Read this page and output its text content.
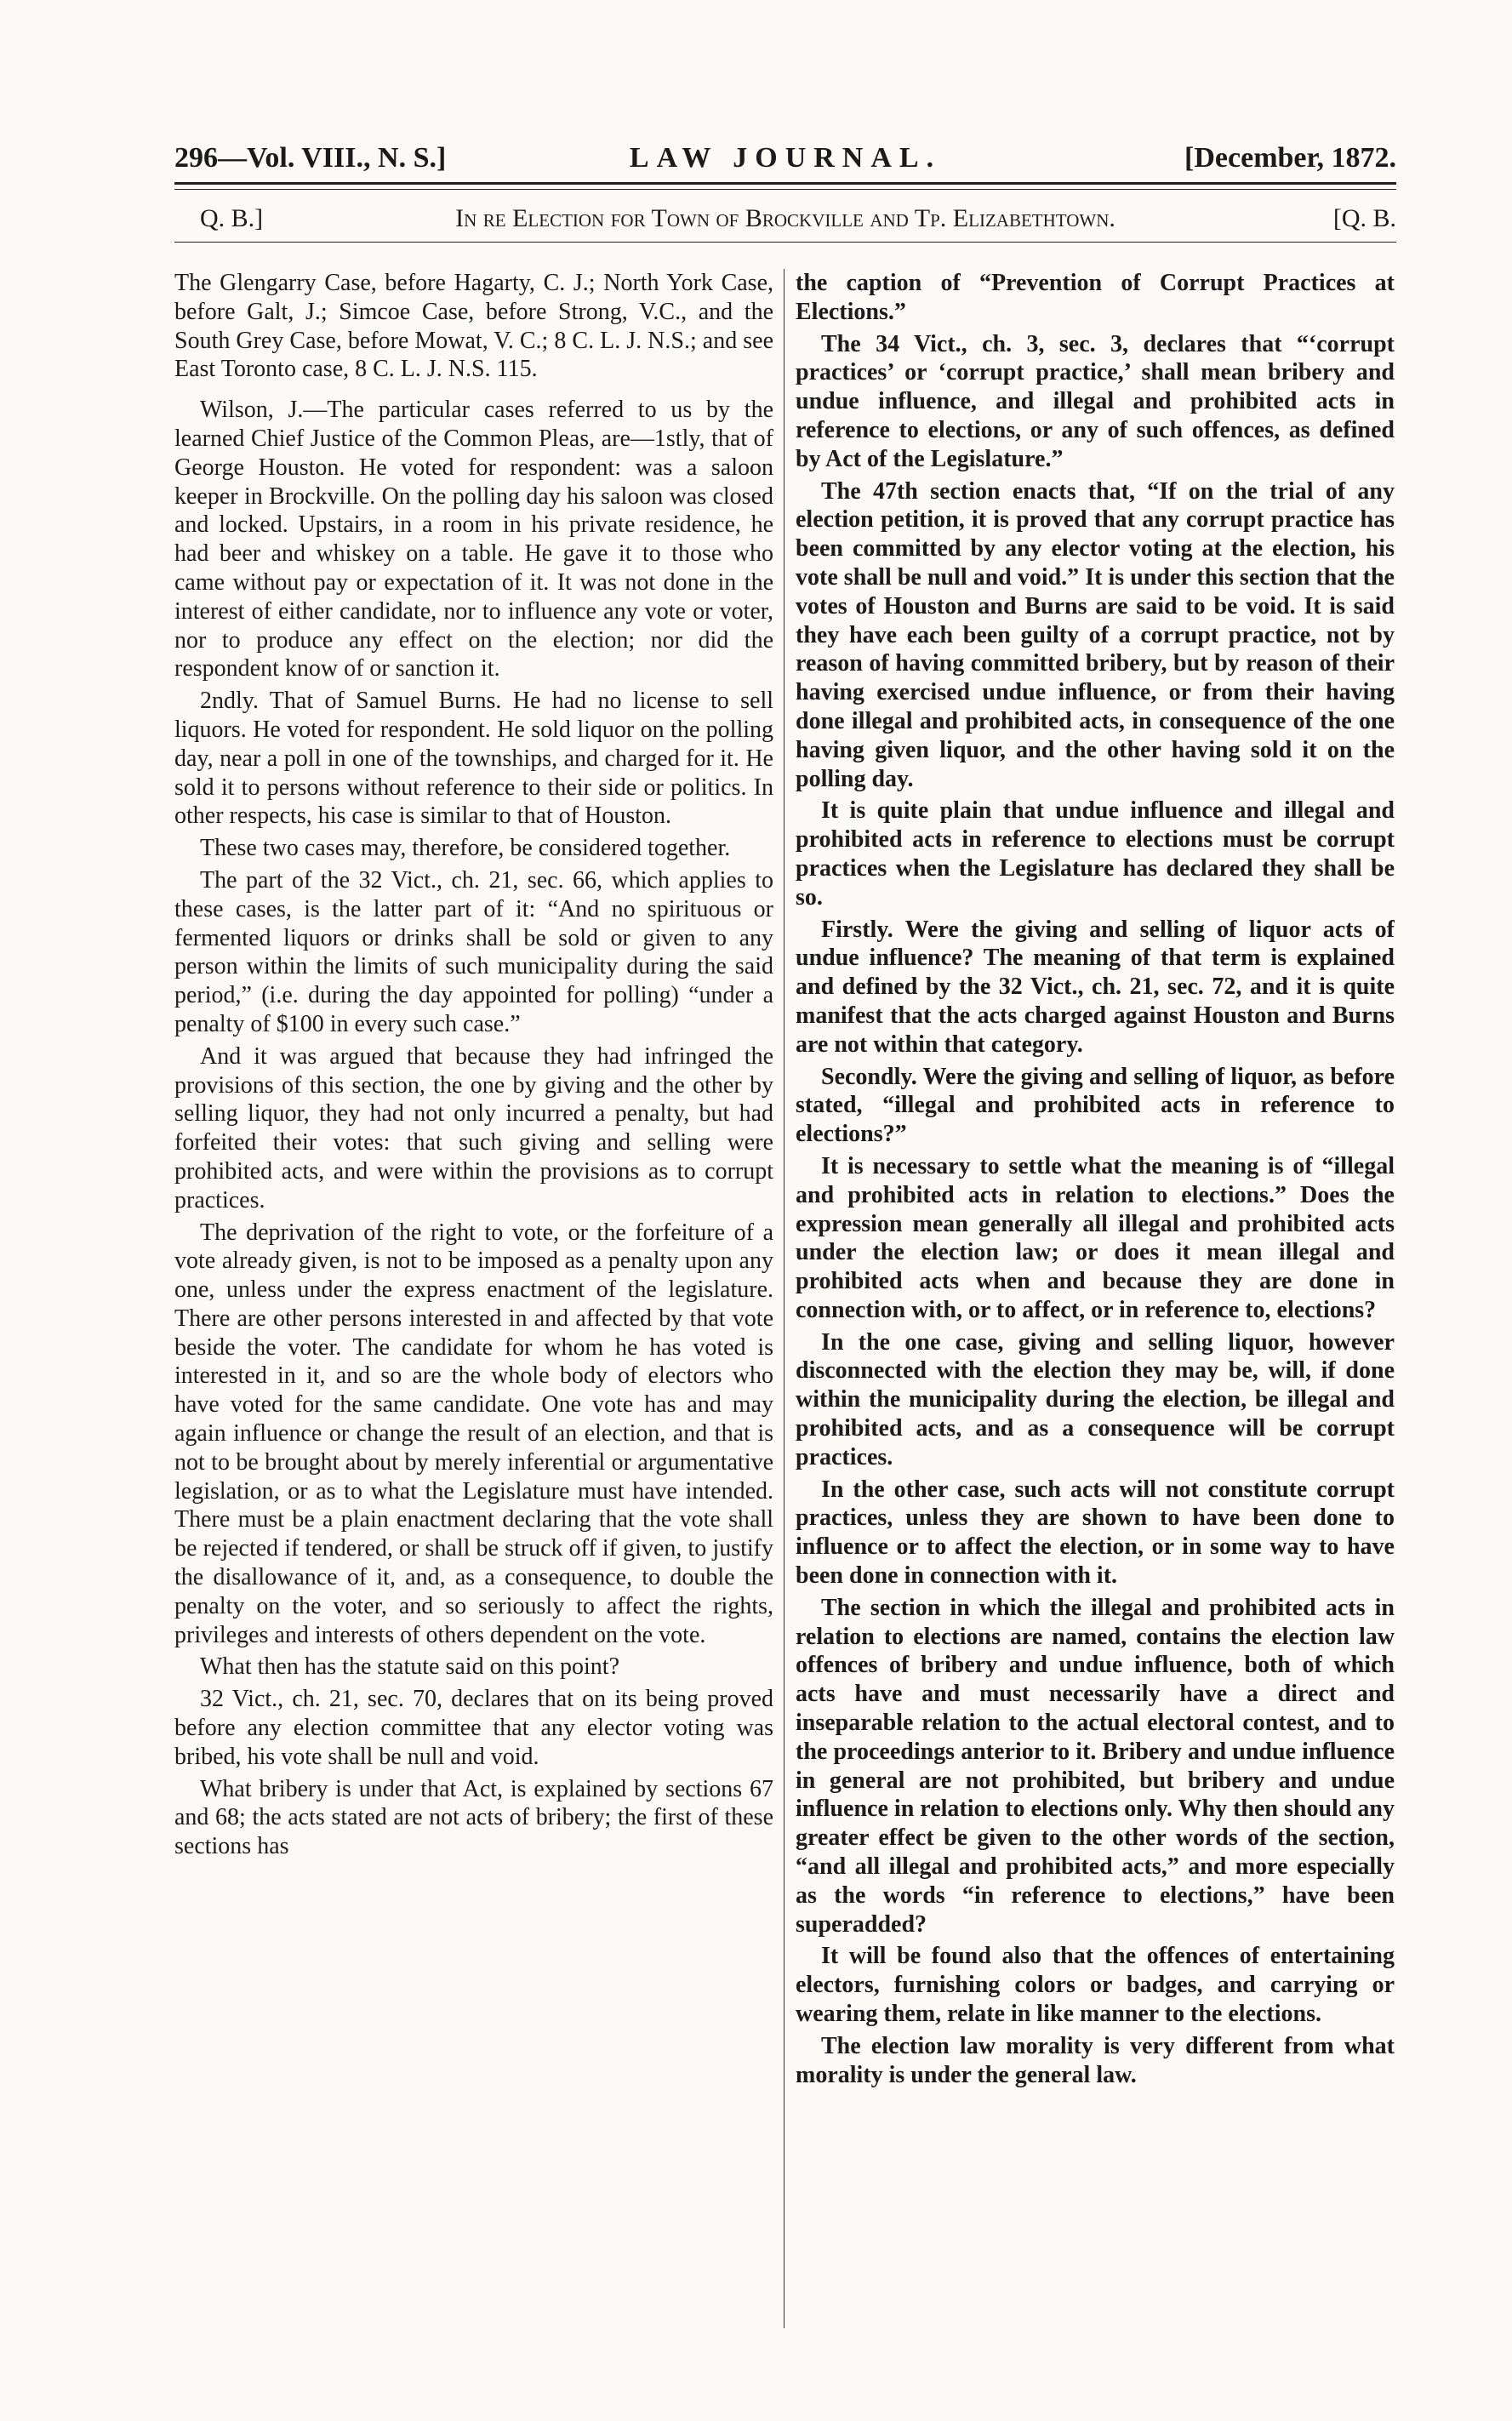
296—Vol. VIII., N. S.]	LAW JOURNAL.	[December, 1872.
Q. B.]	In re Election for Town of Brockville and Tp. Elizabethtown.	[Q. B.

The Glengarry Case, before Hagarty, C. J.; North York Case, before Galt, J.; Simcoe Case, before Strong, V.C., and the South Grey Case, before Mowat, V. C.; 8 C. L. J. N.S.; and see East Toronto case, 8 C. L. J. N.S. 115.

Wilson, J.—The particular cases referred to us by the learned Chief Justice of the Common Pleas, are—1stly, that of George Houston. He voted for respondent: was a saloon keeper in Brockville. On the polling day his saloon was closed and locked. Upstairs, in a room in his private residence, he had beer and whiskey on a table. He gave it to those who came without pay or expectation of it. It was not done in the interest of either candidate, nor to influence any vote or voter, nor to produce any effect on the election; nor did the respondent know of or sanction it.

2ndly. That of Samuel Burns. He had no license to sell liquors. He voted for respondent. He sold liquor on the polling day, near a poll in one of the townships, and charged for it. He sold it to persons without reference to their side or politics. In other respects, his case is similar to that of Houston.

These two cases may, therefore, be considered together.

The part of the 32 Vict., ch. 21, sec. 66, which applies to these cases, is the latter part of it: “And no spirituous or fermented liquors or drinks shall be sold or given to any person within the limits of such municipality during the said period,” (i.e. during the day appointed for polling) “under a penalty of $100 in every such case.”

And it was argued that because they had infringed the provisions of this section, the one by giving and the other by selling liquor, they had not only incurred a penalty, but had forfeited their votes: that such giving and selling were prohibited acts, and were within the provisions as to corrupt practices.

The deprivation of the right to vote, or the forfeiture of a vote already given, is not to be imposed as a penalty upon any one, unless under the express enactment of the legislature. There are other persons interested in and affected by that vote beside the voter. The candidate for whom he has voted is interested in it, and so are the whole body of electors who have voted for the same candidate. One vote has and may again influence or change the result of an election, and that is not to be brought about by merely inferential or argumentative legislation, or as to what the Legislature must have intended. There must be a plain enactment declaring that the vote shall be rejected if tendered, or shall be struck off if given, to justify the disallowance of it, and, as a consequence, to double the penalty on the voter, and so seriously to affect the rights, privileges and interests of others dependent on the vote.

What then has the statute said on this point?

32 Vict., ch. 21, sec. 70, declares that on its being proved before any election committee that any elector voting was bribed, his vote shall be null and void.

What bribery is under that Act, is explained by sections 67 and 68; the acts stated are not acts of bribery; the first of these sections has

the caption of “Prevention of Corrupt Practices at Elections.”

The 34 Vict., ch. 3, sec. 3, declares that “‘corrupt practices’ or ‘corrupt practice,’ shall mean bribery and undue influence, and illegal and prohibited acts in reference to elections, or any of such offences, as defined by Act of the Legislature.”

The 47th section enacts that, “If on the trial of any election petition, it is proved that any corrupt practice has been committed by any elector voting at the election, his vote shall be null and void.” It is under this section that the votes of Houston and Burns are said to be void. It is said they have each been guilty of a corrupt practice, not by reason of having committed bribery, but by reason of their having exercised undue influence, or from their having done illegal and prohibited acts, in consequence of the one having given liquor, and the other having sold it on the polling day.

It is quite plain that undue influence and illegal and prohibited acts in reference to elections must be corrupt practices when the Legislature has declared they shall be so.

Firstly. Were the giving and selling of liquor acts of undue influence? The meaning of that term is explained and defined by the 32 Vict., ch. 21, sec. 72, and it is quite manifest that the acts charged against Houston and Burns are not within that category.

Secondly. Were the giving and selling of liquor, as before stated, “illegal and prohibited acts in reference to elections?”

It is necessary to settle what the meaning is of “illegal and prohibited acts in relation to elections.” Does the expression mean generally all illegal and prohibited acts under the election law; or does it mean illegal and prohibited acts when and because they are done in connection with, or to affect, or in reference to, elections?

In the one case, giving and selling liquor, however disconnected with the election they may be, will, if done within the municipality during the election, be illegal and prohibited acts, and as a consequence will be corrupt practices.

In the other case, such acts will not constitute corrupt practices, unless they are shown to have been done to influence or to affect the election, or in some way to have been done in connection with it.

The section in which the illegal and prohibited acts in relation to elections are named, contains the election law offences of bribery and undue influence, both of which acts have and must necessarily have a direct and inseparable relation to the actual electoral contest, and to the proceedings anterior to it. Bribery and undue influence in general are not prohibited, but bribery and undue influence in relation to elections only. Why then should any greater effect be given to the other words of the section, “and all illegal and prohibited acts,” and more especially as the words “in reference to elections,” have been superadded?

It will be found also that the offences of entertaining electors, furnishing colors or badges, and carrying or wearing them, relate in like manner to the elections.

The election law morality is very different from what morality is under the general law.
